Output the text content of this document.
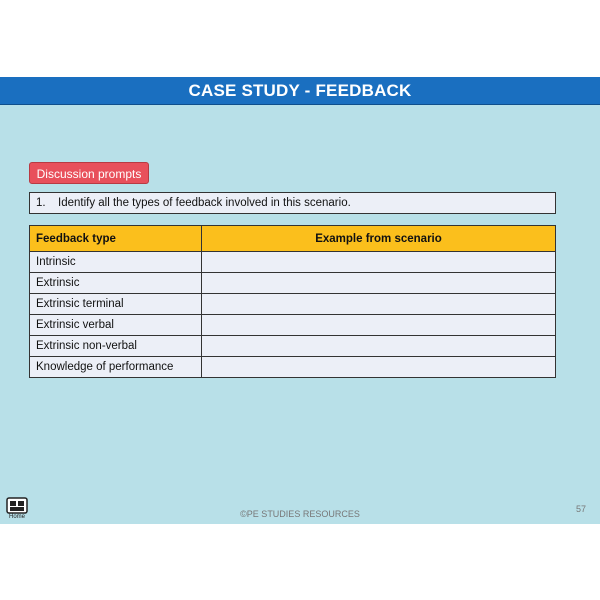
CASE STUDY - FEEDBACK
Discussion prompts
1. Identify all the types of feedback involved in this scenario.
Feedback type	Example from scenario
Intrinsic	
Extrinsic	
Extrinsic terminal	
Extrinsic verbal	
Extrinsic non-verbal	
Knowledge of performance	
Home	©PE STUDIES RESOURCES	57
